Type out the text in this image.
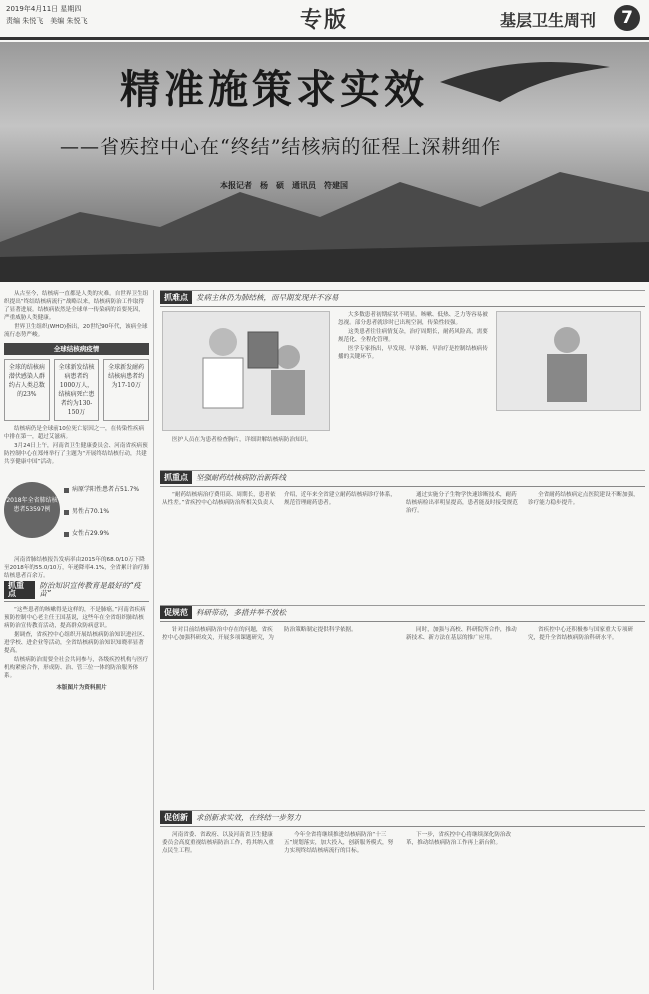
2019年4月11日 星期四
责编 朱悦飞　美编 朱悦飞	专版	基层卫生周刊	7
精准施策求实效
——省疾控中心在“终结”结核病的征程上深耕细作
本报记者　杨　硕　通讯员　符建国

从古至今，结核病一直都是人类的灾难。自世界卫生组织提出“终结结核病流行”战略以来，结核病防治工作取得了显著进展。结核病依然是全球单一传染病的首要死因，严重威胁人类健康。

世界卫生组织(WHO)指出，20世纪90年代，该病全球流行态势严峻。

全球结核病疫情
全球的结核病潜伏感染人群约占人类总数的23%
全球新发结核病患者约1000万人，结核病死亡患者约为130-150万
全球新发耐药结核病患者约为17-10万

结核病仍是全球前10位死亡原因之一，在传染性疾病中排在第一，超过艾滋病。

3月24日上午，河南省卫生健康委员会、河南省疾病预防控制中心在郑州举行了主题为“开展终结结核行动，共建共享健康中国”活动。

2018年全省肺结核患者53597例
病原学阳性患者占51.7%
男性占70.1%
女性占29.9%

河南省肺结核报告发病率由2015年的68.0/10万下降至2018年的55.0/10万，年递降率4.1%，全省累计治疗肺结核患者百余万。

抓重点
防治知识宣传教育是最好的“疫苗”

“这些患者的咳嗽得是这样的，不是肺癌。”河南省疾病预防控制中心老主任王国基说，这些年在全省组织肺结核病防治宣传教育活动，提高群众防病意识。

据调查，省疾控中心组织开展结核病防治知识进社区、进学校、进企业等活动，全省结核病防治知识知晓率显著提高。

结核病防治需要全社会共同参与，各级疾控机构与医疗机构紧密合作，形成防、治、管三位一体的防治服务体系。

本版图片为资料照片

抓难点	发病主体仍为肺结核，而早期发现并不容易

医护人员在为患者检查胸片，详细讲解结核病防治知识。

大多数患者初期症状不明显，咳嗽、低热、乏力等容易被忽视。部分患者就诊时已出现空洞，传染性较强。

这类患者往往病情复杂，治疗周期长，耐药风险高，需要规范化、全程化管理。

医学专家指出，早发现、早诊断、早治疗是控制结核病传播的关键环节。

抓重点	坚强耐药结核病防治新阵线

“耐药结核病治疗费用高、周期长，患者依从性差。”省疾控中心结核病防治所相关负责人介绍，近年来全省建立耐药结核病诊疗体系，规范管理耐药患者。

通过实施分子生物学快速诊断技术，耐药结核病检出率明显提高，患者能及时接受规范治疗。

全省耐药结核病定点医院建设不断加强，诊疗能力稳步提升。

促规范	科研带动，多措并举不放松

针对目前结核病防治中存在的问题，省疾控中心加强科研攻关，开展多项课题研究，为防治策略制定提供科学依据。	同时，加强与高校、科研院所合作，推动新技术、新方法在基层的推广应用。

省疾控中心还积极参与国家重大专项研究，提升全省结核病防治科研水平。

促创新	求创新求实效，在终结一步努力

河南省委、省政府、以及河南省卫生健康委员会高度重视结核病防治工作，将其纳入重点民生工程。

今年全省将继续推进结核病防治“十三五”规划落实，加大投入，创新服务模式，努力实现终结结核病流行的目标。

下一步，省疾控中心将继续深化防治改革，推动结核病防治工作再上新台阶。
